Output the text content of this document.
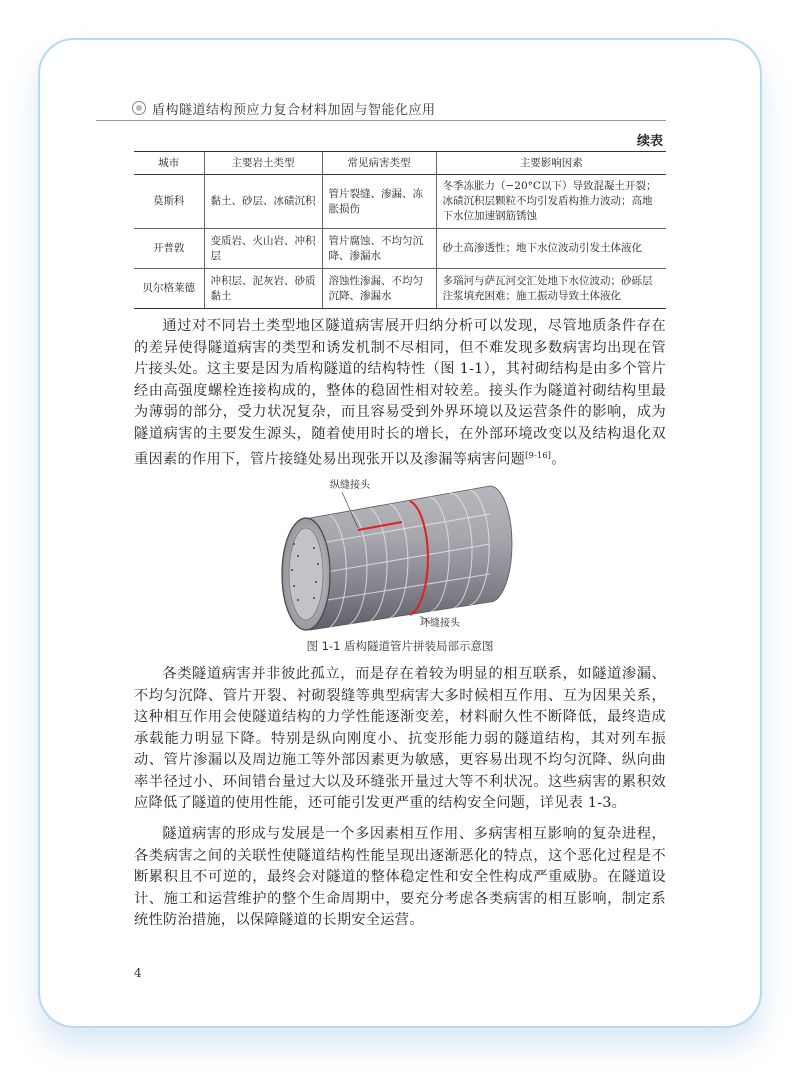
盾构隧道结构预应力复合材料加固与智能化应用
续表
城市	主要岩土类型	常见病害类型	主要影响因素
莫斯科	黏土、砂层、冰碛沉积	管片裂缝、渗漏、冻胀损伤	冬季冻胀力（−20°C以下）导致混凝土开裂；冰碛沉积层颗粒不均引发盾构推力波动；高地下水位加速钢筋锈蚀
开普敦	变质岩、火山岩、冲积层	管片腐蚀、不均匀沉降、渗漏水	砂土高渗透性；地下水位波动引发土体液化
贝尔格莱德	冲积层、泥灰岩、砂质黏土	溶蚀性渗漏、不均匀沉降、渗漏水	多瑙河与萨瓦河交汇处地下水位波动；砂砾层注浆填充困难；施工振动导致土体液化

通过对不同岩土类型地区隧道病害展开归纳分析可以发现，尽管地质条件存在的差异使得隧道病害的类型和诱发机制不尽相同，但不难发现多数病害均出现在管片接头处。这主要是因为盾构隧道的结构特性（图 1-1），其衬砌结构是由多个管片经由高强度螺栓连接构成的，整体的稳固性相对较差。接头作为隧道衬砌结构里最为薄弱的部分，受力状况复杂，而且容易受到外界环境以及运营条件的影响，成为隧道病害的主要发生源头，随着使用时长的增长，在外部环境改变以及结构退化双重因素的作用下，管片接缝处易出现张开以及渗漏等病害问题[9-16]。

纵缝接头
环缝接头
图 1-1 盾构隧道管片拼装局部示意图

各类隧道病害并非彼此孤立，而是存在着较为明显的相互联系，如隧道渗漏、不均匀沉降、管片开裂、衬砌裂缝等典型病害大多时候相互作用、互为因果关系，这种相互作用会使隧道结构的力学性能逐渐变差，材料耐久性不断降低，最终造成承载能力明显下降。特别是纵向刚度小、抗变形能力弱的隧道结构，其对列车振动、管片渗漏以及周边施工等外部因素更为敏感，更容易出现不均匀沉降、纵向曲率半径过小、环间错台量过大以及环缝张开量过大等不利状况。这些病害的累积效应降低了隧道的使用性能，还可能引发更严重的结构安全问题，详见表 1-3。

隧道病害的形成与发展是一个多因素相互作用、多病害相互影响的复杂进程，各类病害之间的关联性使隧道结构性能呈现出逐渐恶化的特点，这个恶化过程是不断累积且不可逆的，最终会对隧道的整体稳定性和安全性构成严重威胁。在隧道设计、施工和运营维护的整个生命周期中，要充分考虑各类病害的相互影响，制定系统性防治措施，以保障隧道的长期安全运营。

4
